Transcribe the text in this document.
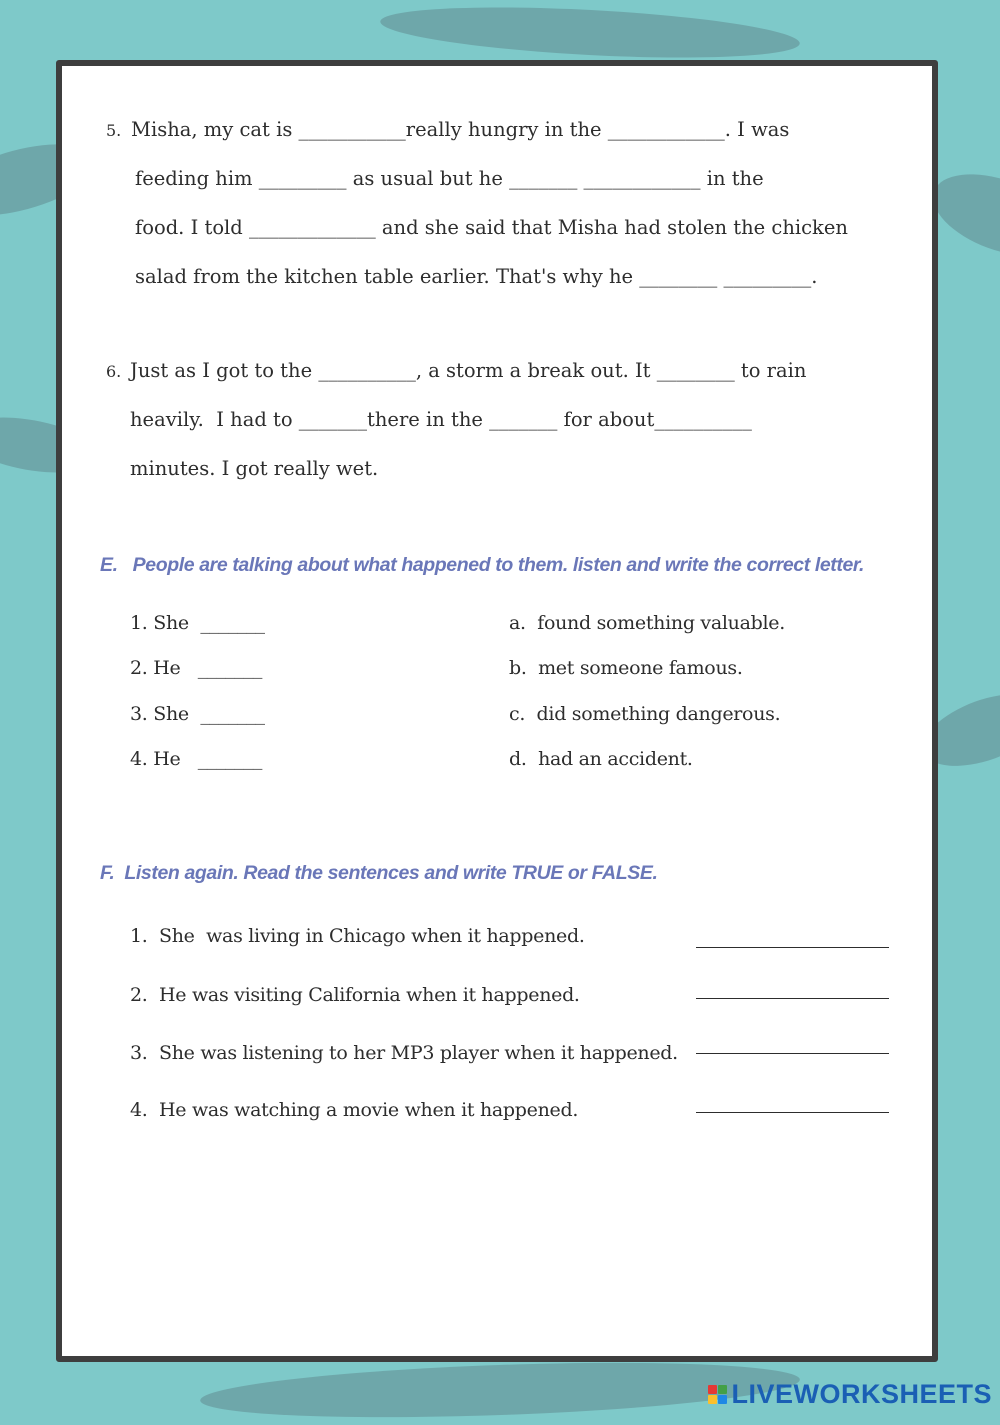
5. Misha, my cat is ___________really hungry in the ____________. I was
feeding him _________ as usual but he _______ ____________ in the
food. I told _____________ and she said that Misha had stolen the chicken
salad from the kitchen table earlier. That's why he ________ _________.
6. Just as I got to the __________, a storm a break out. It ________ to rain
heavily.  I had to _______there in the _______ for about__________
minutes. I got really wet.
E.   People are talking about what happened to them. listen and write the correct letter.
1. She  _______
2. He   _______
3. She  _______
4. He   _______
a.  found something valuable.
b.  met someone famous.
c.  did something dangerous.
d.  had an accident.
F.  Listen again. Read the sentences and write TRUE or FALSE.
1.  She  was living in Chicago when it happened.
2.  He was visiting California when it happened.
3.  She was listening to her MP3 player when it happened.
4.  He was watching a movie when it happened.
LIVEWORKSHEETS
